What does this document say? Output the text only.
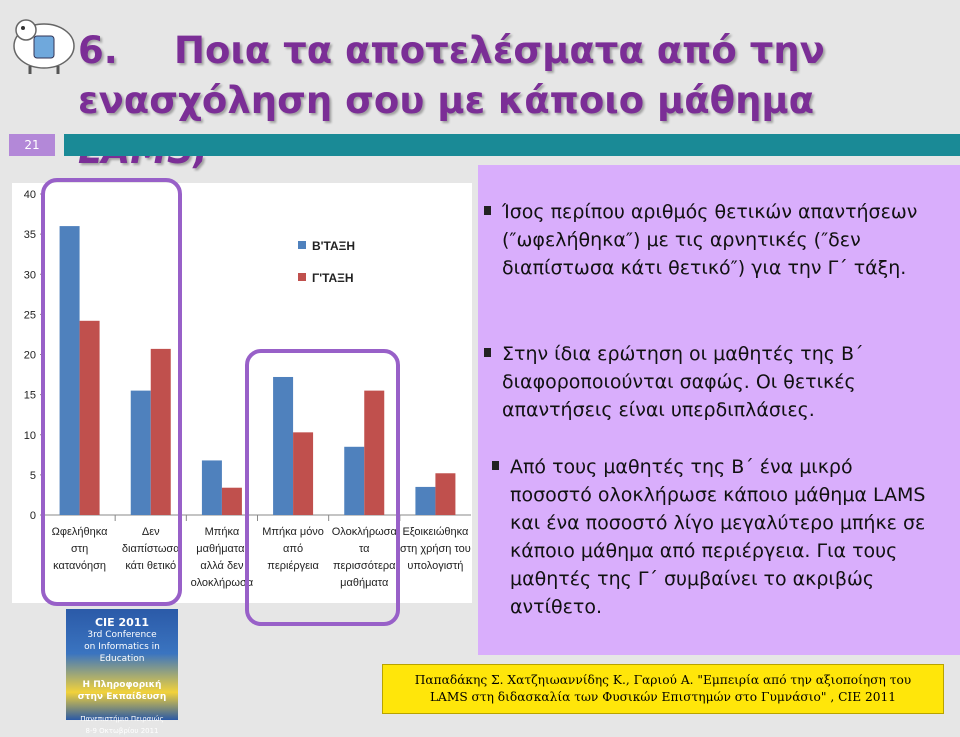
6. Ποια τα αποτελέσματα από την
ενασχόληση σου με κάποιο μάθημα
21
0
5
10
15
20
25
30
35
40
Ωφελήθηκα
στη
κατανόηση
Δεν
διαπίστωσα
κάτι θετικό
Μπήκα
μαθήματα,
αλλά δεν
ολοκλήρωσα
Μπήκα μόνο
από
περιέργεια
Ολοκλήρωσα
τα
περισσότερα
μαθήματα
Εξοικειώθηκα
στη χρήση του
υπολογιστή
Β'ΤΑΞΗ
Γ'ΤΑΞΗ
Ίσος περίπου αριθμός θετικών απαντήσεων (″ωφελήθηκα″) με τις αρνητικές (″δεν διαπίστωσα κάτι θετικό″) για την Γ΄ τάξη.
Στην ίδια ερώτηση οι μαθητές της Β΄ διαφοροποιούνται σαφώς. Οι θετικές απαντήσεις είναι υπερδιπλάσιες.
Από τους μαθητές της Β΄ ένα μικρό ποσοστό ολοκλήρωσε κάποιο μάθημα LAMS και ένα ποσοστό λίγο μεγαλύτερο μπήκε σε κάποιο μάθημα από περιέργεια. Για τους μαθητές της Γ΄ συμβαίνει το ακριβώς αντίθετο.
CIE 2011
3rd Conference
on Informatics in Education
Η Πληροφορική
στην Εκπαίδευση
Πανεπιστήμιο Πειραιώς
8-9 Οκτωβρίου 2011
Παπαδάκης Σ. Χατζηιωαννίδης Κ., Γαριού Α. "Εμπειρία από την αξιοποίηση του
LAMS στη διδασκαλία των Φυσικών Επιστημών στο Γυμνάσιο" , CIE 2011
